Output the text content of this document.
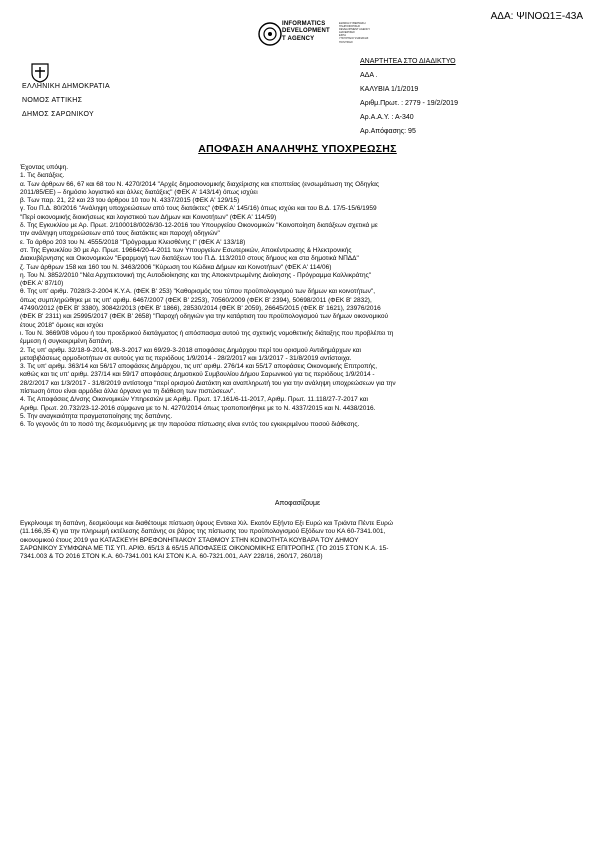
ΑΔΑ: ΨΙΝΟΩ1Ξ-43Α
INFORMATICS
DEVELOPMENT
T AGENCY
ΕΘΝΙΚΗ ΚΥΒΕΡΝΗΣΗ
ΠΛΗΡΟΦΟΡΙΚΗΣ
DEVELOPMENT AGENCY
ΔΙΑΧΕΙΡΙΣΗΣ
ΕΣΠΑ
ΥΠΟΥΡΓΕΙΟ ΨΗΦΙΑΚΗΣ
ΠΟΛΙΤΙΚΗΣ
ΕΛΛΗΝΙΚΗ ΔΗΜΟΚΡΑΤΙΑ
ΝΟΜΟΣ ΑΤΤΙΚΗΣ
ΔΗΜΟΣ ΣΑΡΩΝΙΚΟΥ
ΑΝΑΡΤΗΤΕΑ ΣΤΟ ΔΙΑΔΙΚΤΥΟ
ΑΔΑ .
ΚΑΛΥΒΙΑ 1/1/2019
Αριθμ.Πρωτ. : 2779 - 19/2/2019
Αρ.Α.Α.Υ. : Α-340
Αρ.Απόφασης: 95
ΑΠΟΦΑΣΗ ΑΝΑΛΗΨΗΣ ΥΠΟΧΡΕΩΣΗΣ
Έχοντας υπόψη.
1. Τις διατάξεις.
α. Των άρθρων 66, 67 και 68 του Ν. 4270/2014 "Αρχές δημοσιονομικής διαχείρισης και εποπτείας (ενσωμάτωση της Οδηγίας
2011/85/ΕΕ) – δημόσιο λογιστικό και άλλες διατάξεις" (ΦΕΚ Α' 143/14) όπως ισχύει
β. Των παρ. 21, 22 και 23 του άρθρου 10 του Ν. 4337/2015 (ΦΕΚ Α' 129/15)
γ. Του Π.Δ. 80/2016 "Ανάληψη υποχρεώσεων από τους διατάκτες" (ΦΕΚ Α' 145/16) όπως ισχύει και του Β.Δ. 17/5-15/6/1959
"Περί οικονομικής διοικήσεως και λογιστικού των Δήμων και Κοινοτήτων" (ΦΕΚ Α' 114/59)
δ. Της Εγκυκλίου με Αρ. Πρωτ. 2/100018/0026/30-12-2016 του Υπουργείου Οικονομικών "Κοινοποίηση διατάξεων σχετικά με
την ανάληψη υποχρεώσεων από τους διατάκτες και παροχή οδηγιών"
ε. Το άρθρο 203 του Ν. 4555/2018 "Πρόγραμμα Κλεισθένης Ι" (ΦΕΚ Α' 133/18)
στ. Της Εγκυκλίου 30 με Αρ. Πρωτ. 19664/20-4-2011 των Υπουργείων Εσωτερικών, Αποκέντρωσης & Ηλεκτρονικής
Διακυβέρνησης και Οικονομικών "Εφαρμογή των διατάξεων του Π.Δ. 113/2010 στους δήμους και στα δημοτικά ΝΠΔΔ"
ζ. Των άρθρων 158 και 160 του Ν. 3463/2006 "Κύρωση του Κώδικα Δήμων και Κοινοτήτων" (ΦΕΚ Α' 114/06)
η. Του Ν. 3852/2010 "Νέα Αρχιτεκτονική της Αυτοδιοίκησης και της Αποκεντρωμένης Διοίκησης - Πρόγραμμα Καλλικράτης"
(ΦΕΚ Α' 87/10)
θ. Της υπ' αριθμ. 7028/3-2-2004 Κ.Υ.Α. (ΦΕΚ Β' 253) "Καθορισμός του τύπου προϋπολογισμού των δήμων και κοινοτήτων",
όπως συμπληρώθηκε με τις υπ' αριθμ. 6467/2007 (ΦΕΚ Β' 2253), 70560/2009 (ΦΕΚ Β' 2394), 50698/2011 (ΦΕΚ Β' 2832),
47490/2012 (ΦΕΚ Β' 3380), 30842/2013 (ΦΕΚ Β' 1866), 28530/2014 (ΦΕΚ Β' 2059), 26645/2015 (ΦΕΚ Β' 1621), 23976/2016
(ΦΕΚ Β' 2311) και 25995/2017 (ΦΕΚ Β' 2658) "Παροχή οδηγιών για την κατάρτιση του προϋπολογισμού των δήμων οικονομικού
έτους 2018" όμοιες και ισχύει
ι. Του Ν. 3669/08 νόμου ή του προεδρικού διατάγματος ή απόσπασμα αυτού της σχετικής νομοθετικής διάταξης που προβλέπει τη
έμμεση ή συγκεκριμένη δαπάνη.
2. Τις υπ' αριθμ. 32/18-9-2014, 9/8-3-2017 και 69/29-3-2018 αποφάσεις Δημάρχου περί του ορισμού Αντιδημάρχων και
μεταβιβάσεως αρμοδιοτήτων σε αυτούς για τις περιόδους 1/9/2014 - 28/2/2017 και 1/3/2017 - 31/8/2019 αντίστοιχα.
3. Τις υπ' αριθμ. 363/14 και 56/17 αποφάσεις Δημάρχου, τις υπ' αριθμ. 276/14 και 55/17 αποφάσεις Οικονομικής Επιτροπής,
καθώς και τις υπ' αριθμ. 237/14 και 59/17 αποφάσεις Δημοτικού Συμβουλίου Δήμου Σαρωνικού για τις περιόδους 1/9/2014 -
28/2/2017 και 1/3/2017 - 31/8/2019 αντίστοιχα "περί ορισμού Διατάκτη και αναπληρωτή του για την ανάληψη υποχρεώσεων για την
πίστωση όπου είναι αρμόδια άλλα όργανα για τη διάθεση των πιστώσεων".
4. Τις Αποφάσεις Δ/νσης Οικονομικών Υπηρεσιών με Αριθμ. Πρωτ. 17.161/6-11-2017, Αριθμ. Πρωτ. 11.118/27-7-2017 και
Αριθμ. Πρωτ. 20.732/23-12-2016 σύμφωνα με το Ν. 4270/2014 όπως τροποποιήθηκε με το Ν. 4337/2015 και Ν. 4438/2016.
5. Την αναγκαιότητα πραγματοποίησης της δαπάνης.
6. Το γεγονός ότι το ποσό της δεσμευόμενης με την παρούσα πίστωσης είναι εντός του εγκεκριμένου ποσού διάθεσης.
Αποφασίζουμε
Εγκρίνουμε τη δαπάνη, δεσμεύουμε και διαθέτουμε πίστωση ύψους Εντεκα Χιλ. Εκατόν Εξήντο Εξι Ευρώ και Τριάντα Πέντε Ευρώ
(11.166,35 €) για την πληρωμή εκτέλεσης δαπάνης σε βάρος της πίστωσης του προϋπολογισμού Εξόδων του ΚΑ 60-7341.001,
οικονομικού έτους 2019 για ΚΑΤΑΣΚΕΥΗ ΒΡΕΦΟΝΗΠΙΑΚΟΥ ΣΤΑΘΜΟΥ ΣΤΗΝ ΚΟΙΝΟΤΗΤΑ ΚΟΥΒΑΡΑ ΤΟΥ ΔΗΜΟΥ
ΣΑΡΩΝΙΚΟΥ ΣΥΜΦΩΝΑ ΜΕ ΤΙΣ ΥΠ. ΑΡΙΘ. 65/13 & 65/15 ΑΠΟΦΑΣΕΙΣ ΟΙΚΟΝΟΜΙΚΗΣ ΕΠΙΤΡΟΠΗΣ (ΤΟ 2015 ΣΤΟΝ Κ.Α. 15-
7341.003 & ΤΟ 2016 ΣΤΟΝ Κ.Α. 60-7341.001 ΚΑΙ ΣΤΟΝ Κ.Α. 60-7321.001, ΑΑΥ 228/16, 260/17, 260/18)
